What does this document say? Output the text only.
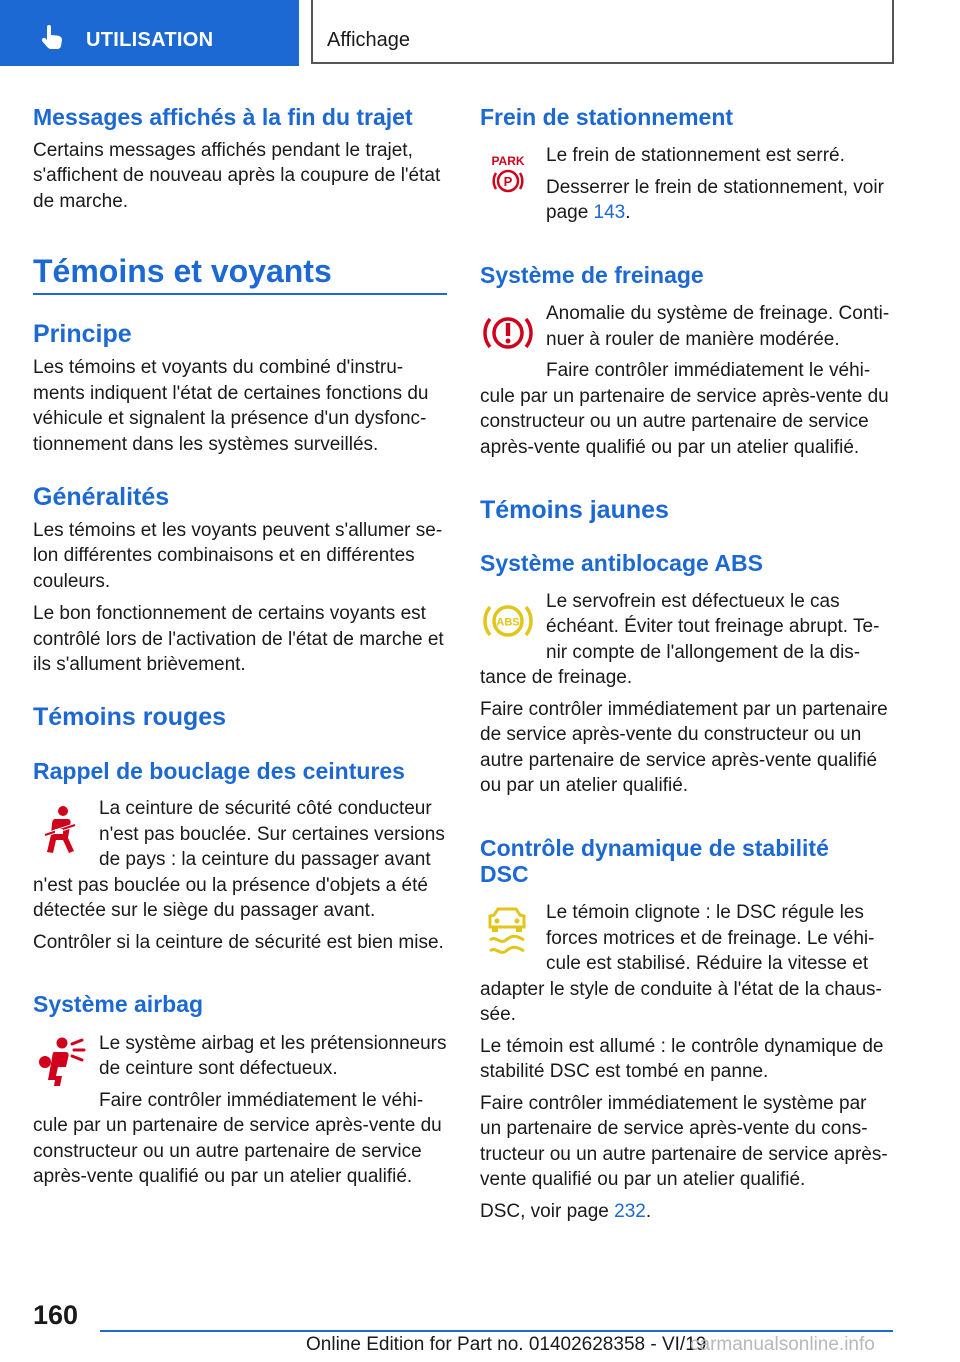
UTILISATION	Affichage
Messages affichés à la fin du trajet

Certains messages affichés pendant le trajet,

s'affichent de nouveau après la coupure de l'état

de marche.

Témoins et voyants
Principe

Les témoins et voyants du combiné d'instru-

ments indiquent l'état de certaines fonctions du

véhicule et signalent la présence d'un dysfonc-

tionnement dans les systèmes surveillés.

Généralités

Les témoins et les voyants peuvent s'allumer se-

lon différentes combinaisons et en différentes

couleurs.

Le bon fonctionnement de certains voyants est

contrôlé lors de l'activation de l'état de marche et

ils s'allument brièvement.

Témoins rouges
Rappel de bouclage des ceintures

La ceinture de sécurité côté conducteur

n'est pas bouclée. Sur certaines versions

de pays : la ceinture du passager avant

n'est pas bouclée ou la présence d'objets a été

détectée sur le siège du passager avant.

Contrôler si la ceinture de sécurité est bien mise.

Système airbag

Le système airbag et les prétensionneurs

de ceinture sont défectueux.

Faire contrôler immédiatement le véhi-

cule par un partenaire de service après-vente du

constructeur ou un autre partenaire de service

après-vente qualifié ou par un atelier qualifié.

Frein de stationnement
PARK
P

Le frein de stationnement est serré.

Desserrer le frein de stationnement, voir

page 143.

Système de freinage

Anomalie du système de freinage. Conti-

nuer à rouler de manière modérée.

Faire contrôler immédiatement le véhi-

cule par un partenaire de service après-vente du

constructeur ou un autre partenaire de service

après-vente qualifié ou par un atelier qualifié.

Témoins jaunes
Système antiblocage ABS
ABS

Le servofrein est défectueux le cas

échéant. Éviter tout freinage abrupt. Te-

nir compte de l'allongement de la dis-

tance de freinage.

Faire contrôler immédiatement par un partenaire

de service après-vente du constructeur ou un

autre partenaire de service après-vente qualifié

ou par un atelier qualifié.

Contrôle dynamique de stabilité
DSC

Le témoin clignote : le DSC régule les

forces motrices et de freinage. Le véhi-

cule est stabilisé. Réduire la vitesse et

adapter le style de conduite à l'état de la chaus-

sée.

Le témoin est allumé : le contrôle dynamique de

stabilité DSC est tombé en panne.

Faire contrôler immédiatement le système par

un partenaire de service après-vente du cons-

tructeur ou un autre partenaire de service après-

vente qualifié ou par un atelier qualifié.

DSC, voir page 232.

160
Online Edition for Part no. 01402628358 - VI/19
carmanualsonline.info
